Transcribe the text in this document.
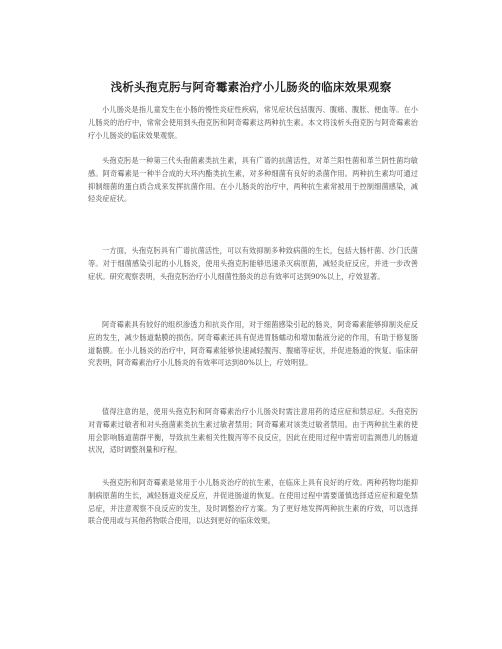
浅析头孢克肟与阿奇霉素治疗小儿肠炎的临床效果观察

小儿肠炎是指儿童发生在小肠的慢性炎症性疾病，常见症状包括腹泻、腹痛、腹胀、便血等。在小儿肠炎的治疗中，常常会使用到头孢克肟和阿奇霉素这两种抗生素。本文将浅析头孢克肟与阿奇霉素治疗小儿肠炎的临床效果观察。

头孢克肟是一种第三代头孢菌素类抗生素，具有广谱的抗菌活性，对革兰阳性菌和革兰阴性菌均敏感。阿奇霉素是一种半合成的大环内酯类抗生素，对多种细菌有良好的杀菌作用。两种抗生素均可通过抑制细菌的蛋白质合成来发挥抗菌作用。在小儿肠炎的治疗中，两种抗生素常被用于控制细菌感染，减轻炎症症状。

一方面，头孢克肟具有广谱抗菌活性，可以有效抑制多种致病菌的生长，包括大肠杆菌、沙门氏菌等。对于细菌感染引起的小儿肠炎，使用头孢克肟能够迅速杀灭病原菌，减轻炎症反应，并进一步改善症状。研究观察表明，头孢克肟治疗小儿细菌性肠炎的总有效率可达到90%以上，疗效显著。

阿奇霉素具有较好的组织渗透力和抗炎作用，对于细菌感染引起的肠炎，阿奇霉素能够抑制炎症反应的发生，减少肠道黏膜的损伤。阿奇霉素还具有促进胃肠蠕动和增加黏液分泌的作用，有助于修复肠道黏膜。在小儿肠炎的治疗中，阿奇霉素能够快速减轻腹泻、腹痛等症状，并促进肠道的恢复。临床研究表明，阿奇霉素治疗小儿肠炎的有效率可达到80%以上，疗效明显。

值得注意的是，使用头孢克肟和阿奇霉素治疗小儿肠炎时需注意用药的适应症和禁忌症。头孢克肟对青霉素过敏者和对头孢菌素类抗生素过敏者禁用；阿奇霉素对该类过敏者禁用。由于两种抗生素的使用会影响肠道菌群平衡，导致抗生素相关性腹泻等不良反应，因此在使用过程中需密切监测患儿的肠道状况，适时调整剂量和疗程。

头孢克肟和阿奇霉素是常用于小儿肠炎治疗的抗生素，在临床上具有良好的疗效。两种药物均能抑制病原菌的生长，减轻肠道炎症反应，并促进肠道的恢复。在使用过程中需要谨慎选择适应症和避免禁忌症，并注意观察不良反应的发生，及时调整治疗方案。为了更好地发挥两种抗生素的疗效，可以选择联合使用或与其他药物联合使用，以达到更好的临床效果。
